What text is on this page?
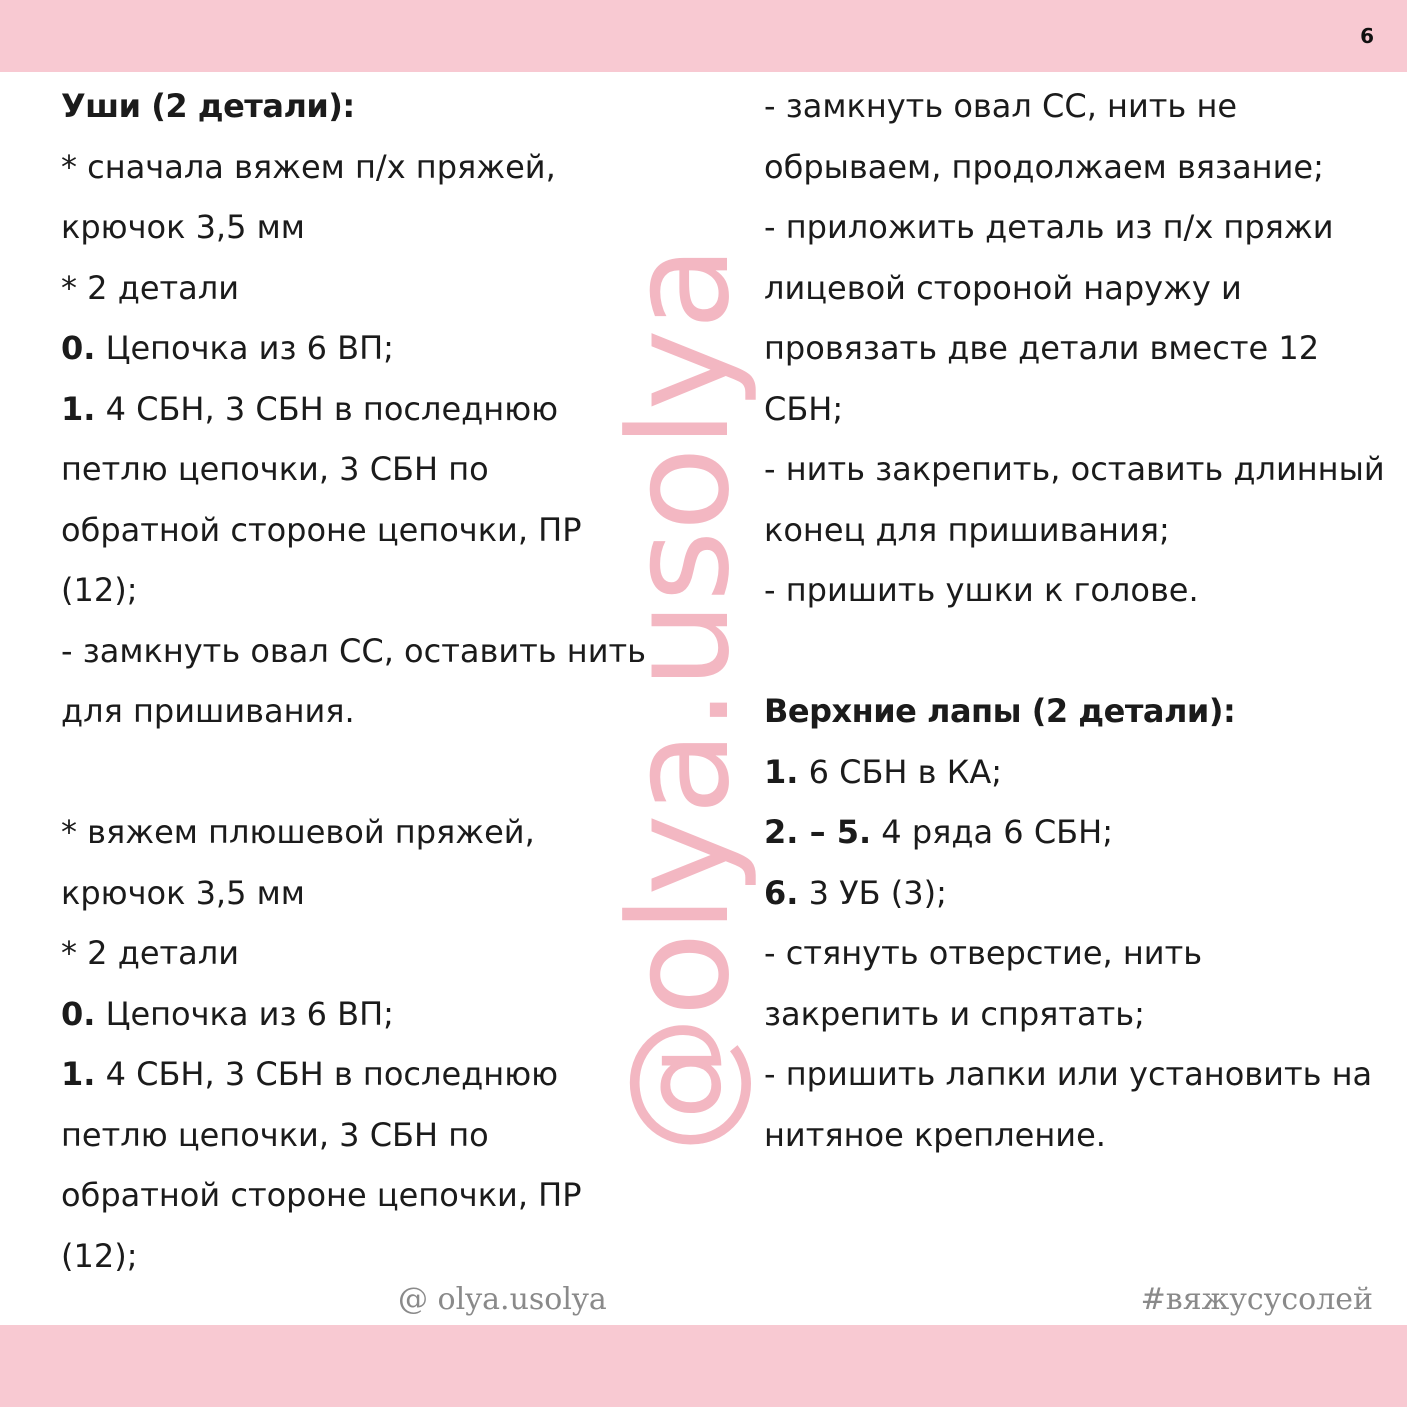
6
@olya.usolya
Уши (2 детали):
* сначала вяжем п/х пряжей,
крючок 3,5 мм
* 2 детали
0. Цепочка из 6 ВП;
1. 4 СБН, 3 СБН в последнюю
петлю цепочки, 3 СБН по
обратной стороне цепочки, ПР
(12);
- замкнуть овал СС, оставить нить
для пришивания.
* вяжем плюшевой пряжей,
крючок 3,5 мм
* 2 детали
0. Цепочка из 6 ВП;
1. 4 СБН, 3 СБН в последнюю
петлю цепочки, 3 СБН по
обратной стороне цепочки, ПР
(12);
- замкнуть овал СС, нить не
обрываем, продолжаем вязание;
- приложить деталь из п/х пряжи
лицевой стороной наружу и
провязать две детали вместе 12
СБН;
- нить закрепить, оставить длинный
конец для пришивания;
- пришить ушки к голове.
Верхние лапы (2 детали):
1. 6 СБН в КА;
2. – 5. 4 ряда 6 СБН;
6. 3 УБ (3);
- стянуть отверстие, нить
закрепить и спрятать;
- пришить лапки или установить на
нитяное крепление.
@ olya.usolya	#вяжусусолей
